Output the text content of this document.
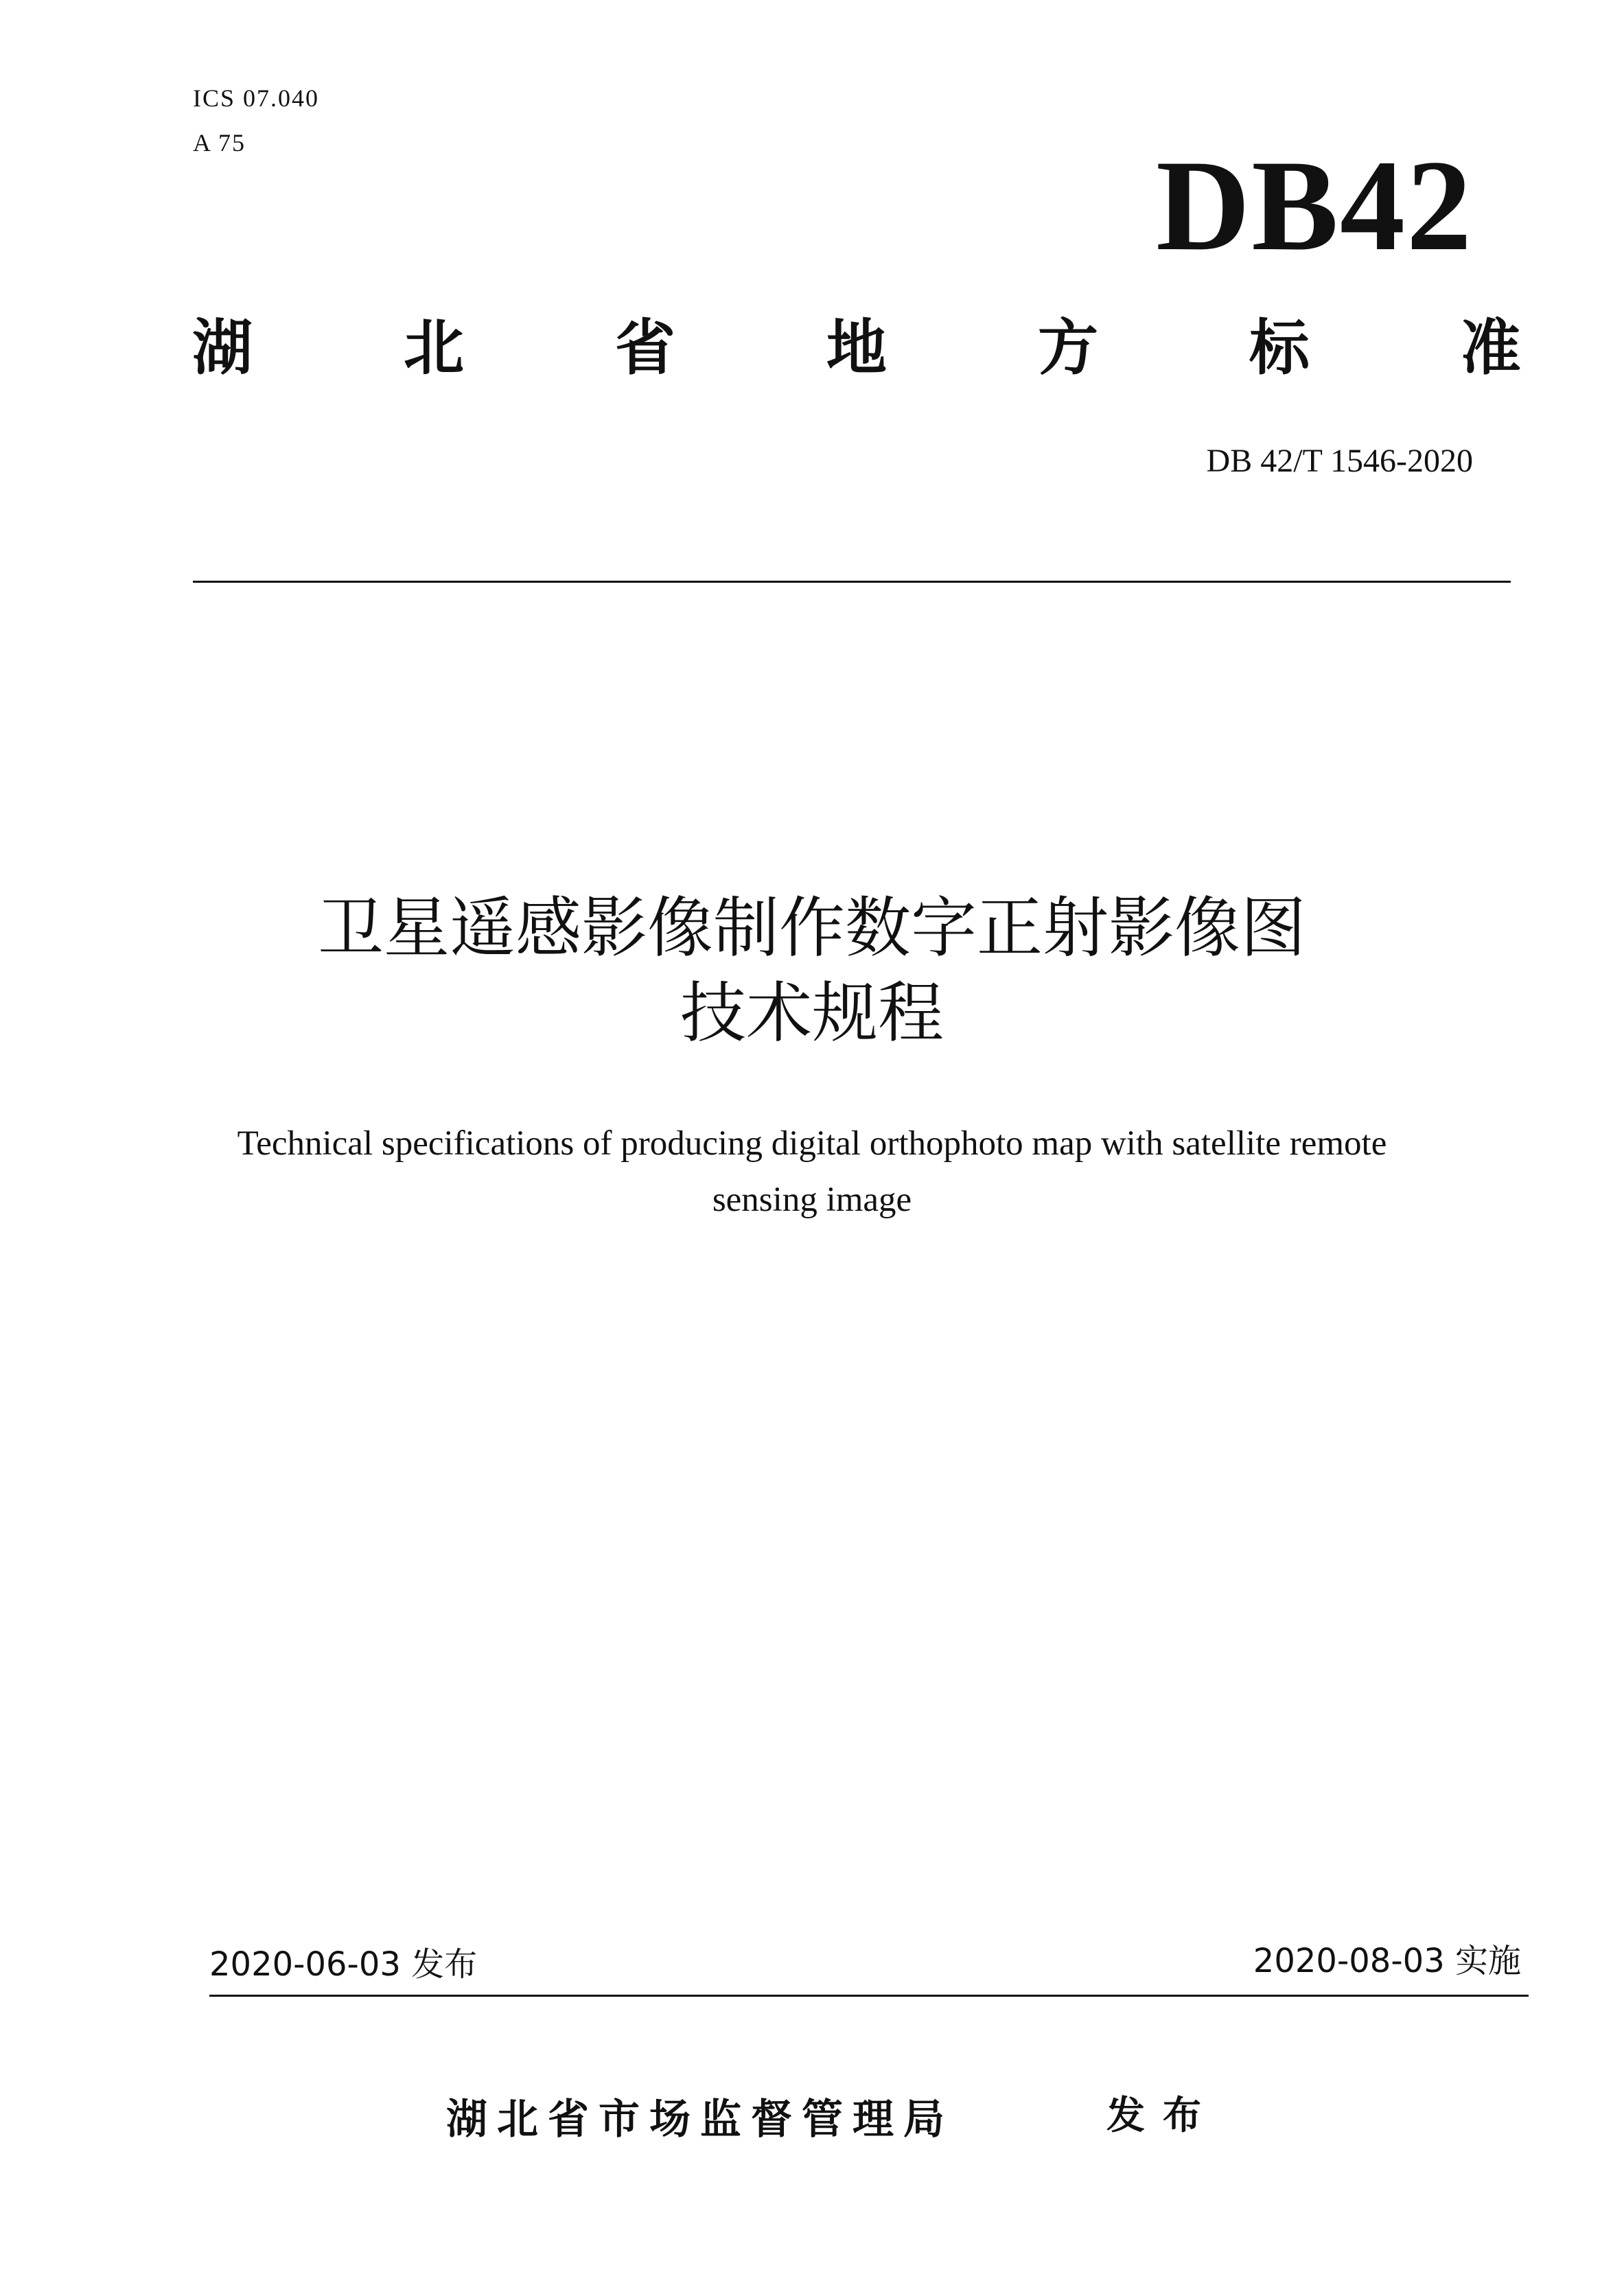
ICS 07.040
A 75	DB42
湖 北 省 地 方 标 准
DB 42/T 1546-2020
卫星遥感影像制作数字正射影像图
技术规程
Technical specifications of producing digital orthophoto map with satellite remote
sensing image
2020-06-03 发布	2020-08-03 实施
湖北省市场监督管理局	发布
